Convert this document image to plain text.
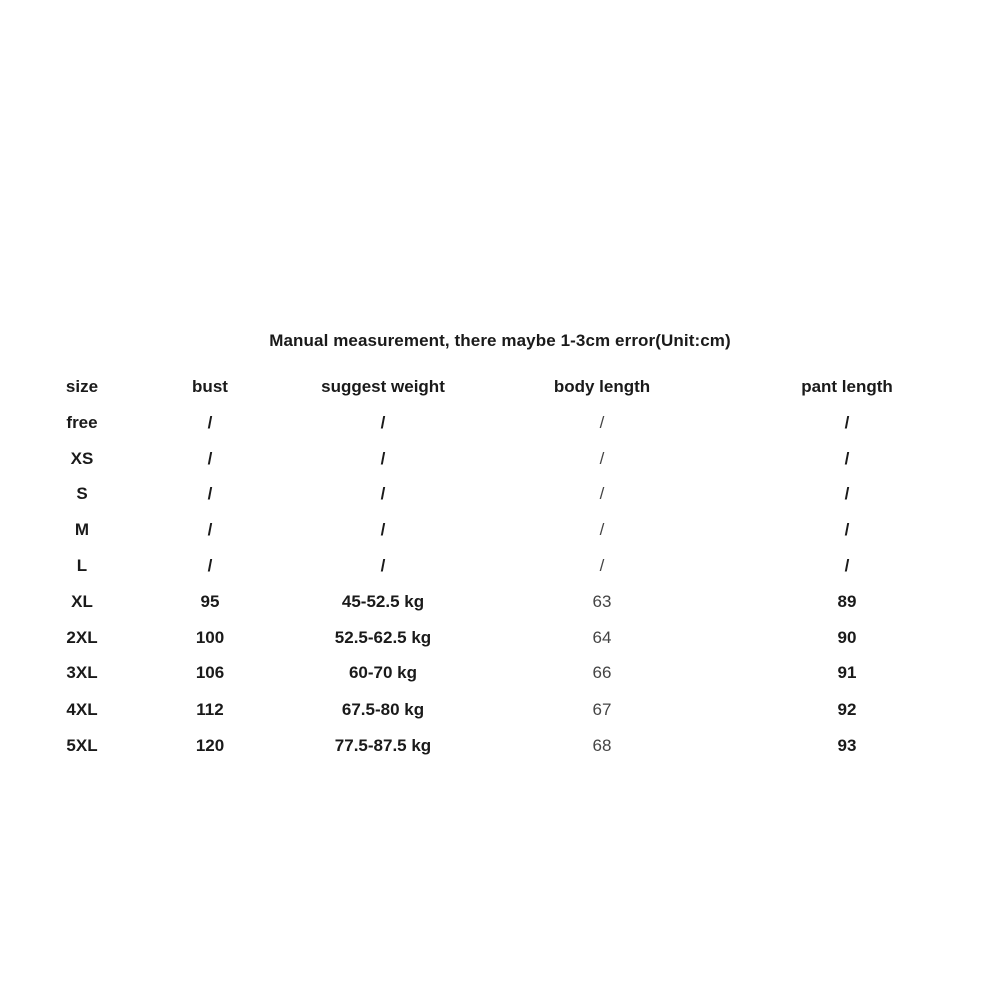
Manual measurement, there maybe 1-3cm error(Unit:cm)
size	bust	suggest weight	body length	pant length
free	/	/	/	/
XS	/	/	/	/
S	/	/	/	/
M	/	/	/	/
L	/	/	/	/
XL	95	45-52.5 kg	63	89
2XL	100	52.5-62.5 kg	64	90
3XL	106	60-70 kg	66	91
4XL	112	67.5-80 kg	67	92
5XL	120	77.5-87.5 kg	68	93
